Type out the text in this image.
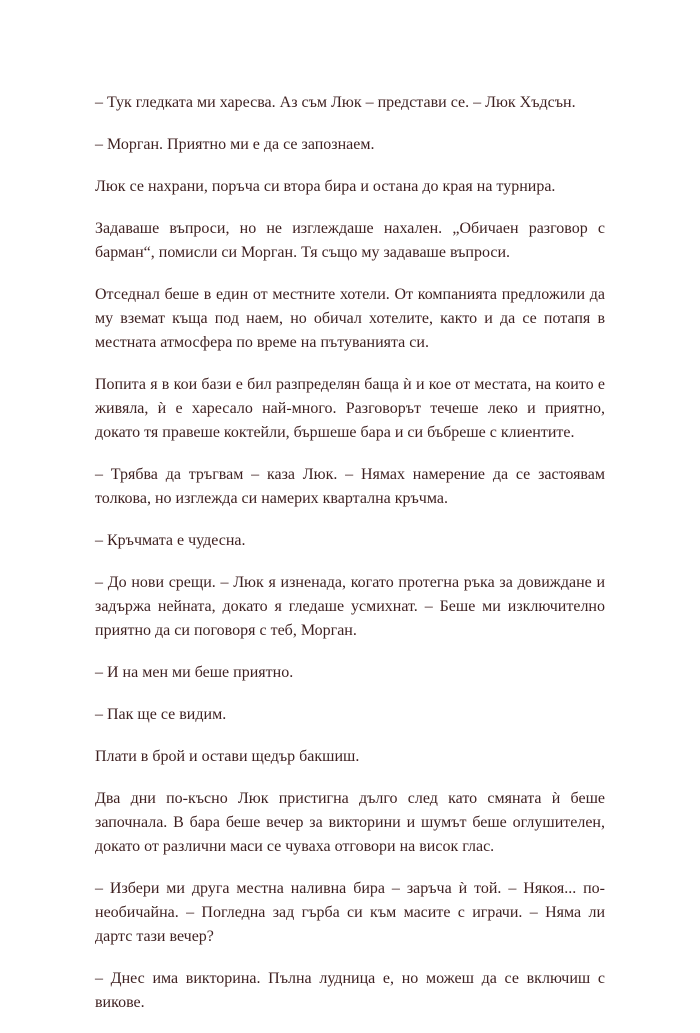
– Тук гледката ми харесва. Аз съм Люк – представи се. – Люк Хъдсън.

– Морган. Приятно ми е да се запознаем.

Люк се нахрани, поръча си втора бира и остана до края на турнира.

Задаваше въпроси, но не изглеждаше нахален. „Обичаен разговор с барман“, помисли си Морган. Тя също му задаваше въпроси.

Отседнал беше в един от местните хотели. От компанията предложили да му вземат къща под наем, но обичал хотелите, както и да се потапя в местната атмосфера по време на пътуванията си.

Попита я в кои бази е бил разпределян баща ѝ и кое от местата, на които е живяла, ѝ е харесало най-много. Разговорът течеше леко и приятно, докато тя правеше коктейли, бършеше бара и си бъбреше с клиентите.

– Трябва да тръгвам – каза Люк. – Нямах намерение да се застоявам толкова, но изглежда си намерих квартална кръчма.

– Кръчмата е чудесна.

– До нови срещи. – Люк я изненада, когато протегна ръка за довиждане и задържа нейната, докато я гледаше усмихнат. – Беше ми изключително приятно да си поговоря с теб, Морган.

– И на мен ми беше приятно.

– Пак ще се видим.

Плати в брой и остави щедър бакшиш.

Два дни по-късно Люк пристигна дълго след като смяната ѝ беше започнала. В бара беше вечер за викторини и шумът беше оглушителен, докато от различни маси се чуваха отговори на висок глас.

– Избери ми друга местна наливна бира – заръча ѝ той. – Някоя... по-необичайна. – Погледна зад гърба си към масите с играчи. – Няма ли дартс тази вечер?

– Днес има викторина. Пълна лудница е, но можеш да се включиш с викове.
